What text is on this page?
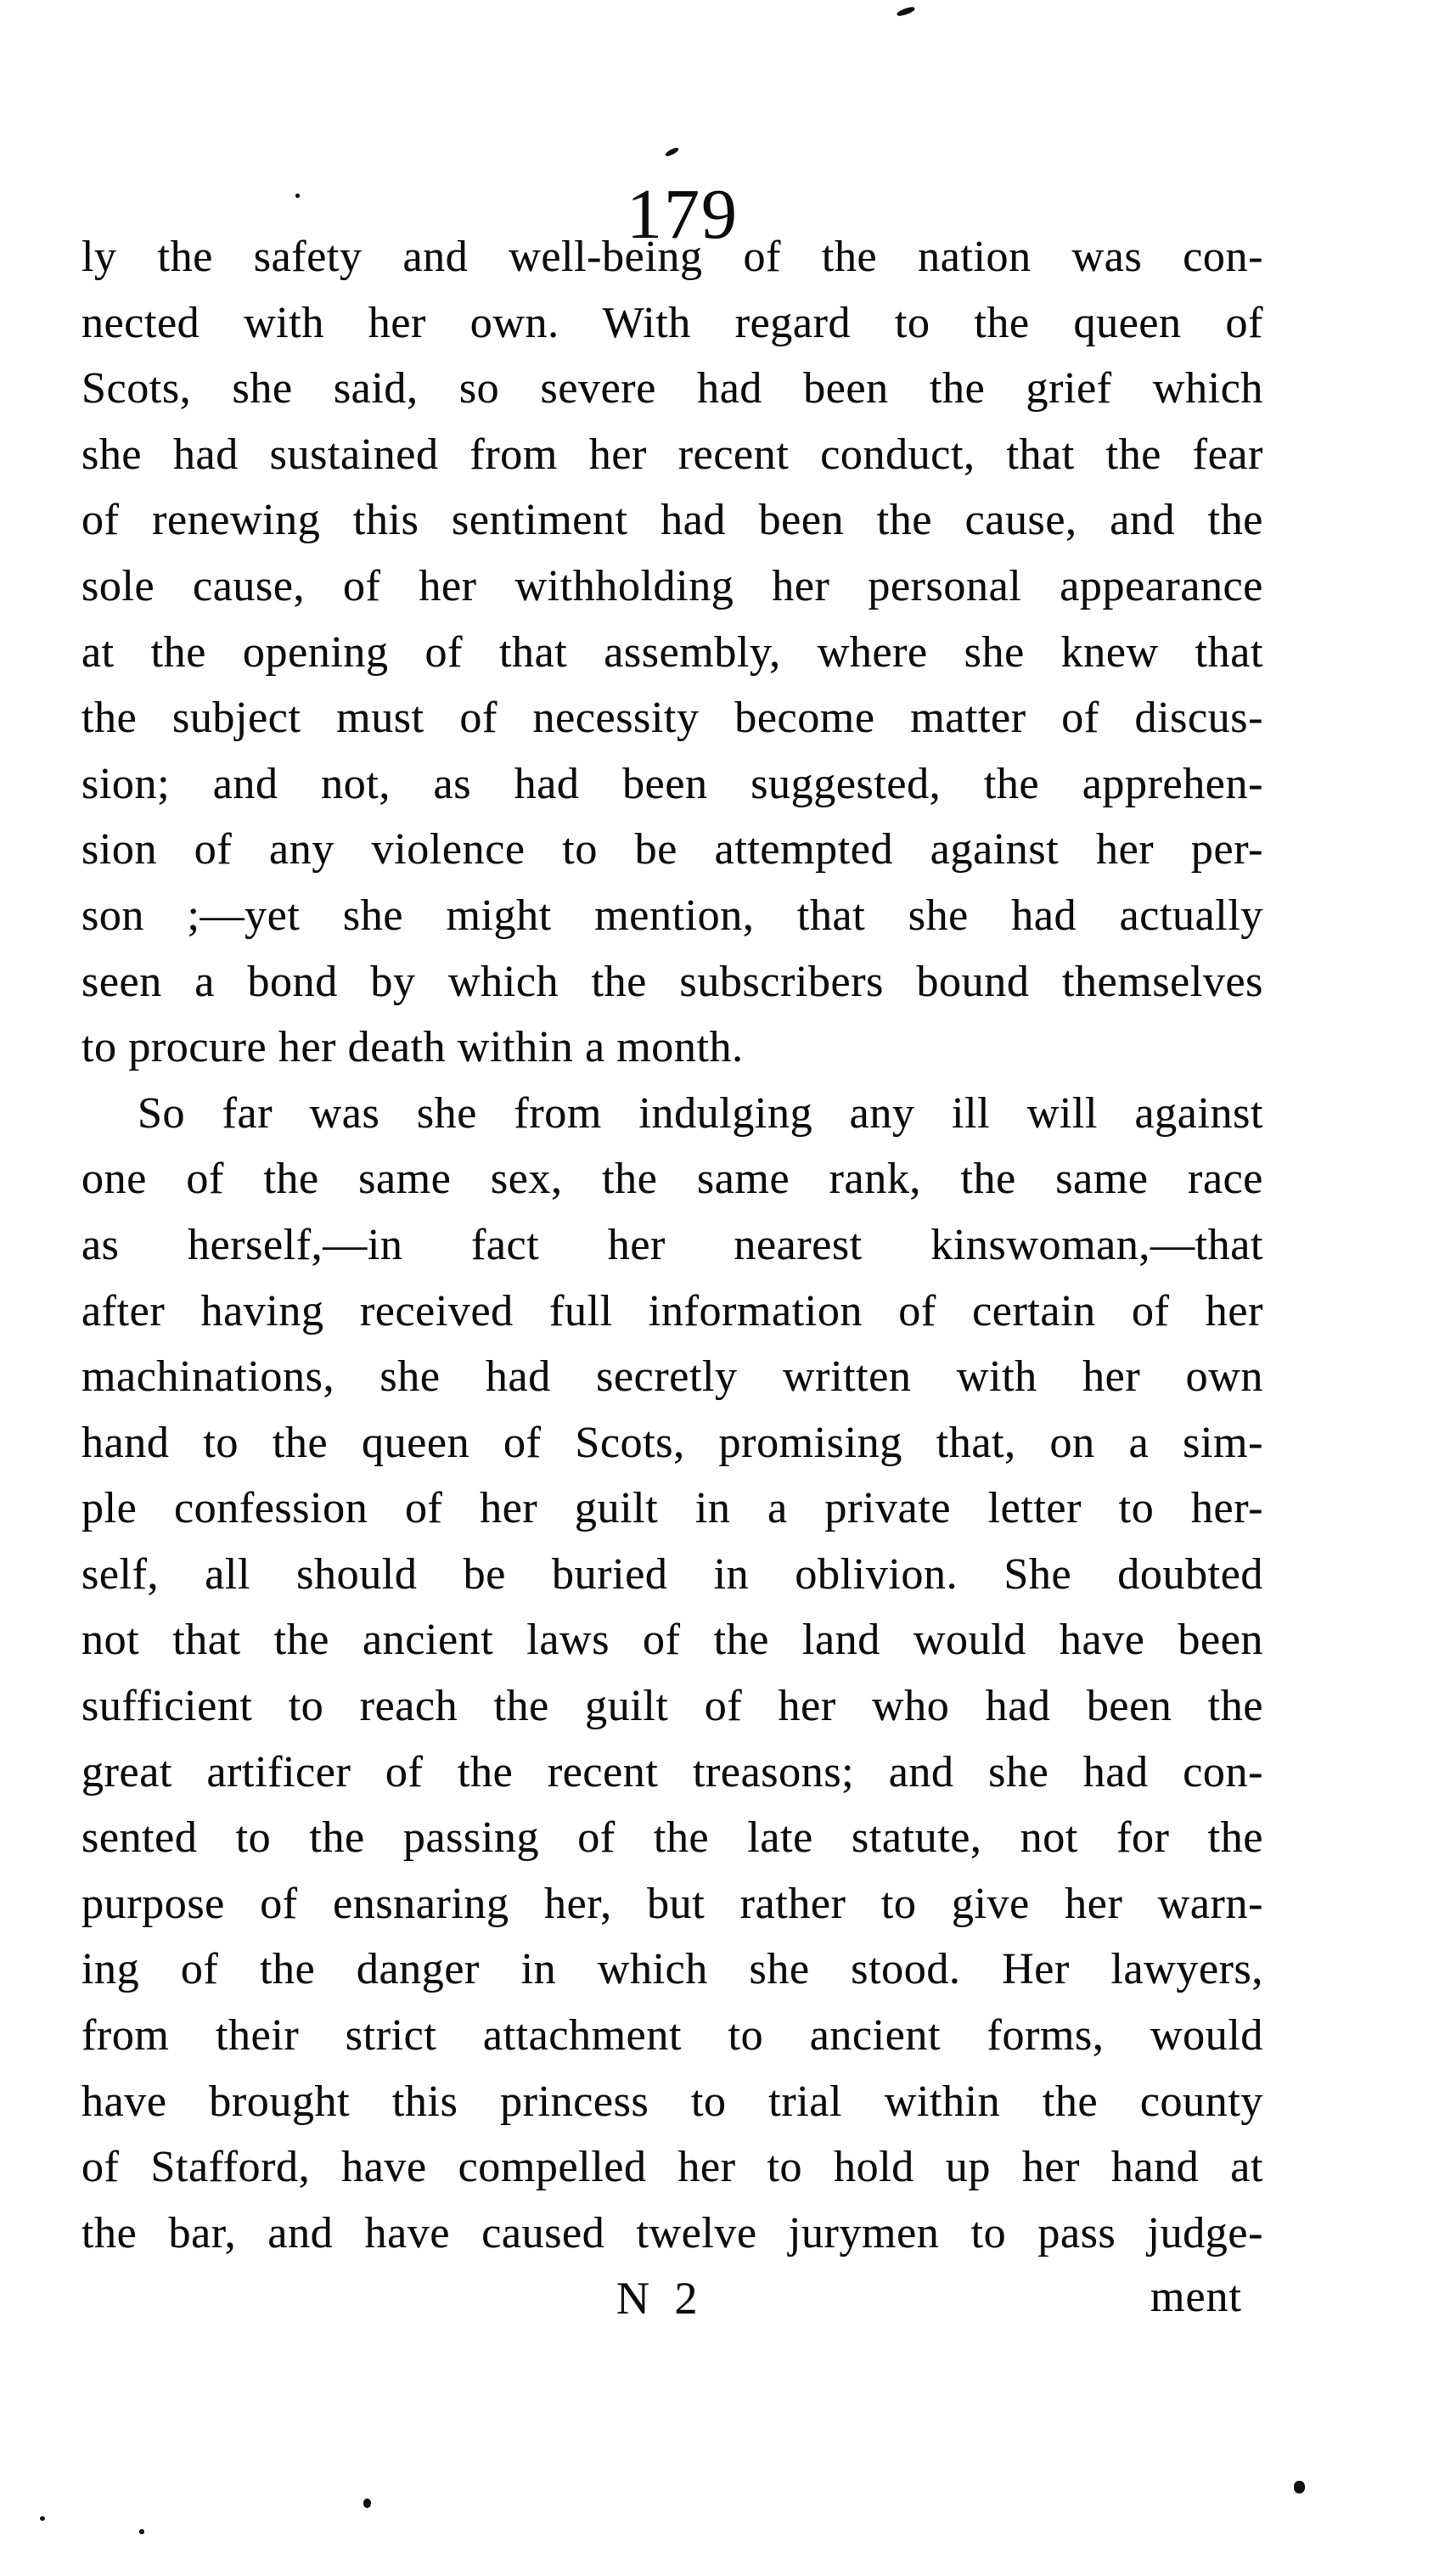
179
ly the safety and well-being of the nation was con-
nected with her own. With regard to the queen of
Scots, she said, so severe had been the grief which
she had sustained from her recent conduct, that the fear
of renewing this sentiment had been the cause, and the
sole cause, of her withholding her personal appearance
at the opening of that assembly, where she knew that
the subject must of necessity become matter of discus-
sion; and not, as had been suggested, the apprehen-
sion of any violence to be attempted against her per-
son ;—yet she might mention, that she had actually
seen a bond by which the subscribers bound themselves
to procure her death within a month.
So far was she from indulging any ill will against
one of the same sex, the same rank, the same race
as herself,—in fact her nearest kinswoman,—that
after having received full information of certain of her
machinations, she had secretly written with her own
hand to the queen of Scots, promising that, on a sim-
ple confession of her guilt in a private letter to her-
self, all should be buried in oblivion. She doubted
not that the ancient laws of the land would have been
sufficient to reach the guilt of her who had been the
great artificer of the recent treasons; and she had con-
sented to the passing of the late statute, not for the
purpose of ensnaring her, but rather to give her warn-
ing of the danger in which she stood. Her lawyers,
from their strict attachment to ancient forms, would
have brought this princess to trial within the county
of Stafford, have compelled her to hold up her hand at
the bar, and have caused twelve jurymen to pass judge-
N 2	ment
